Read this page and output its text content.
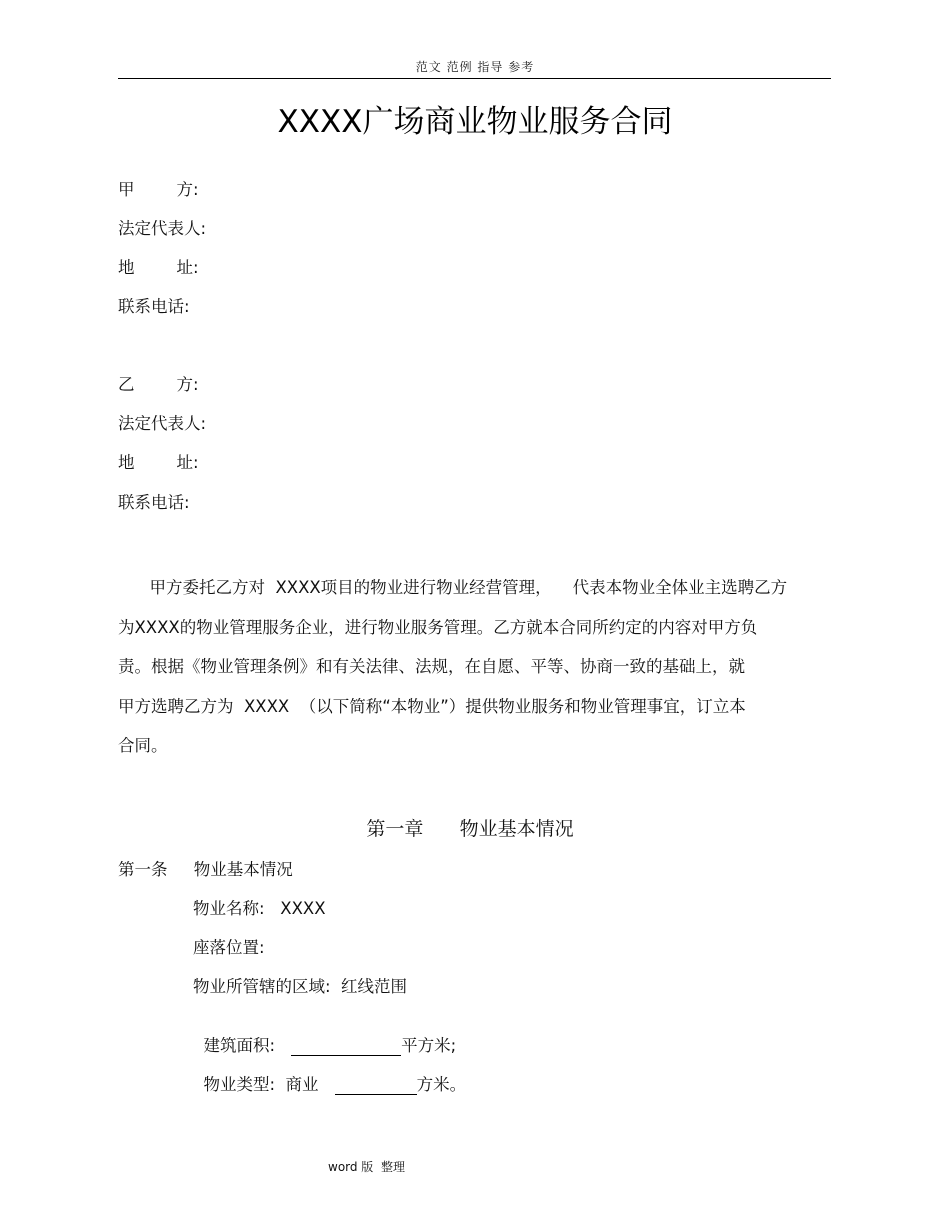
范文 范例 指导 参考
XXXX广场商业物业服务合同
甲        方:
法定代表人:
地        址:
联系电话:
乙        方:
法定代表人:
地        址:
联系电话:
甲方委托乙方对  XXXX项目的物业进行物业经营管理，    代表本物业全体业主选聘乙方
为XXXX的物业管理服务企业，进行物业服务管理。乙方就本合同所约定的内容对甲方负
责。根据《物业管理条例》和有关法律、法规，在自愿、平等、协商一致的基础上，就
甲方选聘乙方为  XXXX  （以下简称“本物业”）提供物业服务和物业管理事宜，订立本
合同。
第一章      物业基本情况
第一条     物业基本情况
物业名称:   XXXX
座落位置:
物业所管辖的区域:  红线范围

建筑面积:	平方米;

物业类型:  商业	方米。

word 版  整理
